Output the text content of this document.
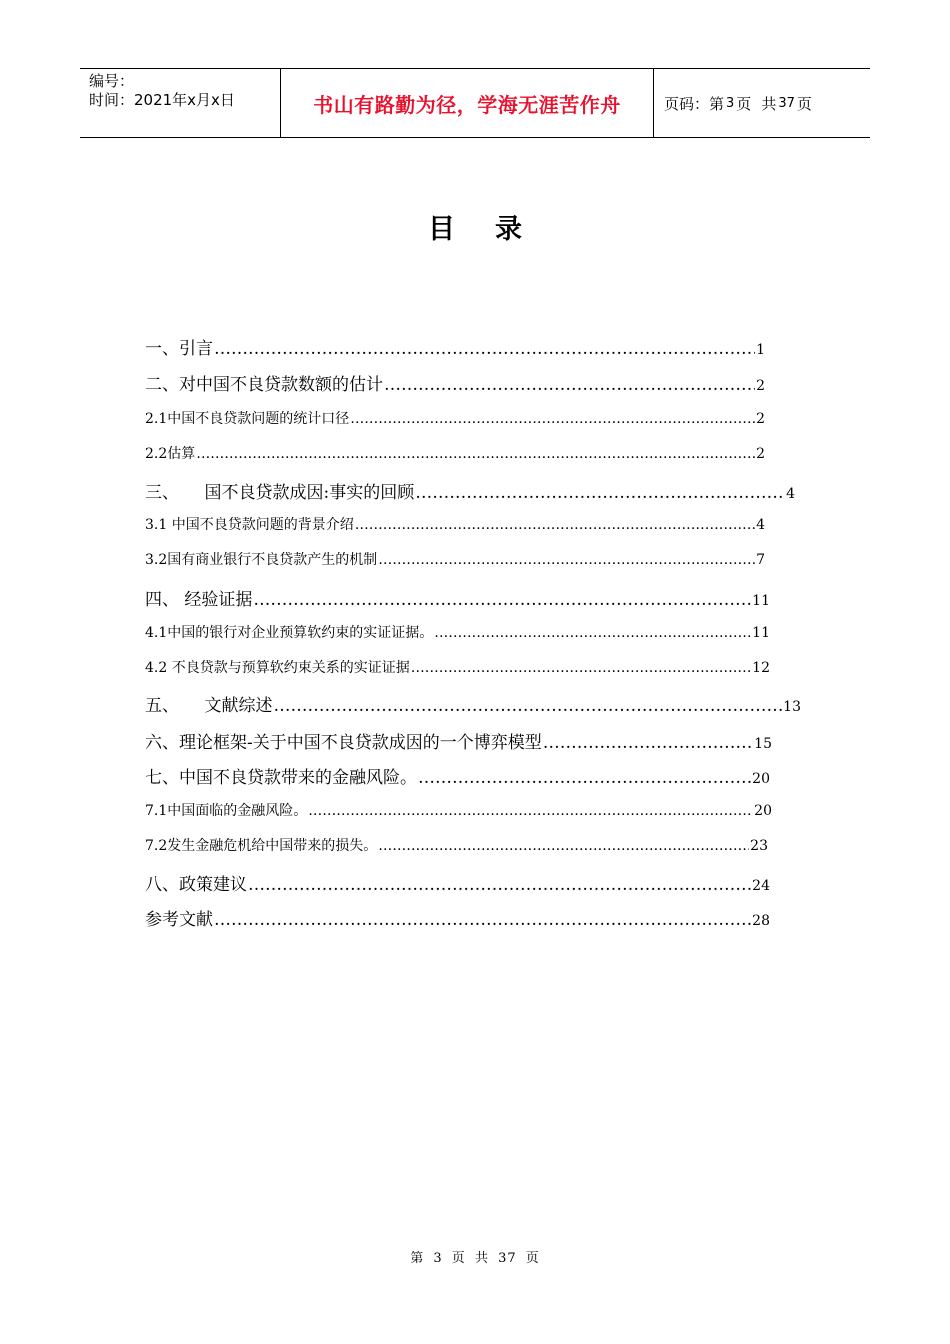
编号：
时间：2021年x月x日	书山有路勤为径，学海无涯苦作舟	页码：第 3 页 共 37 页
目录
一、引言 …………………………………………………………………………………………………………………………………………………………………………………………………………………………	1
二、对中国不良贷款数额的估计 …………………………………………………………………………………………………………………………………………………………………………………………………………………………	2
2.1中国不良贷款问题的统计口径 …………………………………………………………………………………………………………………………………………………………………………………………………………………………	2
2.2估算 …………………………………………………………………………………………………………………………………………………………………………………………………………………………	2
三、　　国不良贷款成因:事实的回顾 …………………………………………………………………………………………………………………………………………………………………………………………………………………………	4
3.1 中国不良贷款问题的背景介绍 …………………………………………………………………………………………………………………………………………………………………………………………………………………………	4
3.2国有商业银行不良贷款产生的机制 …………………………………………………………………………………………………………………………………………………………………………………………………………………………	7
四、 经验证据 …………………………………………………………………………………………………………………………………………………………………………………………………………………………	11
4.1中国的银行对企业预算软约束的实证证据。 …………………………………………………………………………………………………………………………………………………………………………………………………………………………	11
4.2 不良贷款与预算软约束关系的实证证据 …………………………………………………………………………………………………………………………………………………………………………………………………………………………	12
五、　　文献综述 …………………………………………………………………………………………………………………………………………………………………………………………………………………………	13
六、理论框架-关于中国不良贷款成因的一个博弈模型 …………………………………………………………………………………………………………………………………………………………………………………………………………………………	15
七、中国不良贷款带来的金融风险。 …………………………………………………………………………………………………………………………………………………………………………………………………………………………	20
7.1中国面临的金融风险。 …………………………………………………………………………………………………………………………………………………………………………………………………………………………	20
7.2发生金融危机给中国带来的损失。 …………………………………………………………………………………………………………………………………………………………………………………………………………………………	23
八、政策建议 …………………………………………………………………………………………………………………………………………………………………………………………………………………………	24
参考文献 …………………………………………………………………………………………………………………………………………………………………………………………………………………………	28
第 3 页 共 37 页
